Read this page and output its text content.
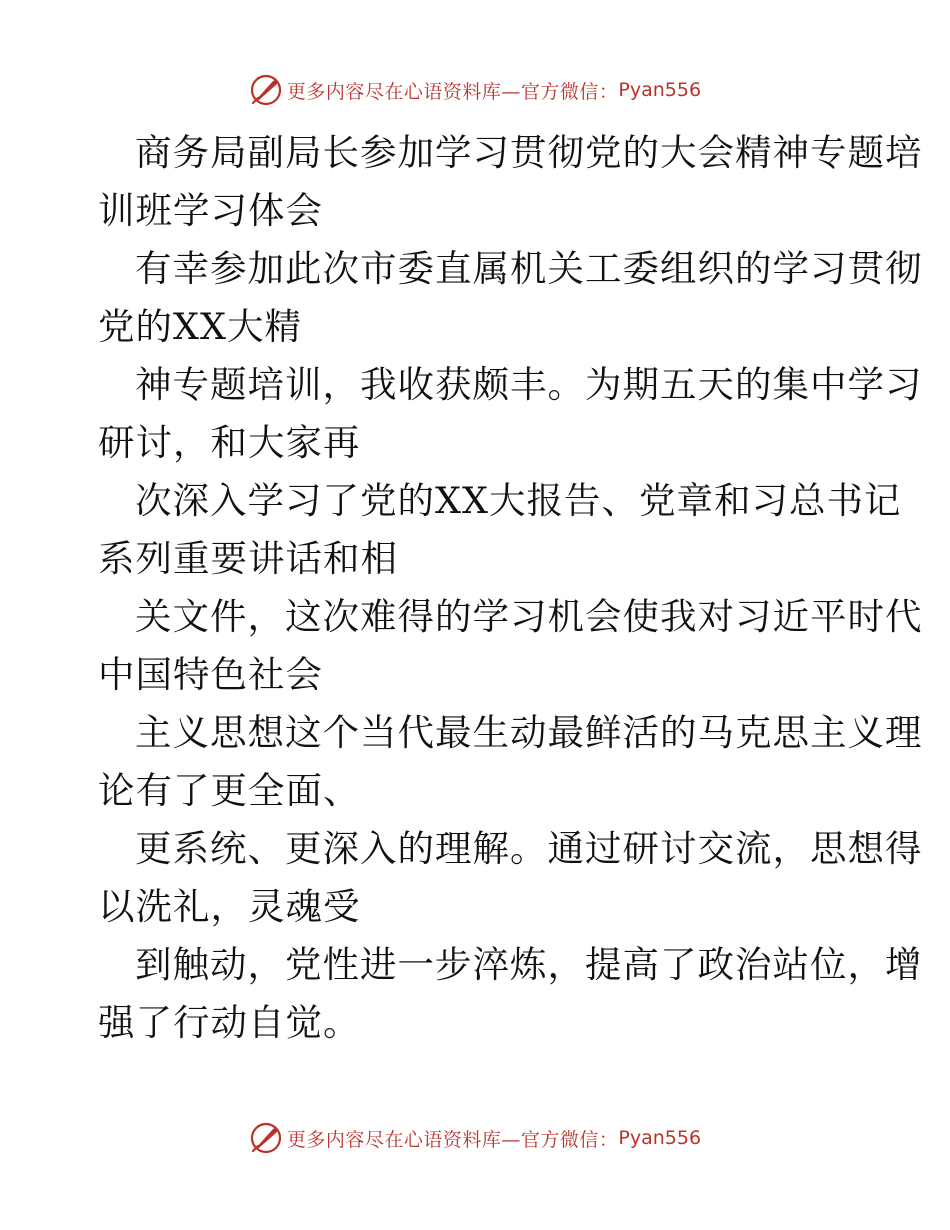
更多内容尽在心语资料库—官方微信： Pyan556
商务局副局长参加学习贯彻党的大会精神专题培
训班学习体会
有幸参加此次市委直属机关工委组织的学习贯彻
党的XX大精
神专题培训，我收获颇丰。为期五天的集中学习
研讨，和大家再
次深入学习了党的XX大报告、党章和习总书记
系列重要讲话和相
关文件，这次难得的学习机会使我对习近平时代
中国特色社会
主义思想这个当代最生动最鲜活的马克思主义理
论有了更全面、
更系统、更深入的理解。通过研讨交流，思想得
以洗礼，灵魂受
到触动，党性进一步淬炼，提高了政治站位，增
强了行动自觉。
更多内容尽在心语资料库—官方微信： Pyan556
